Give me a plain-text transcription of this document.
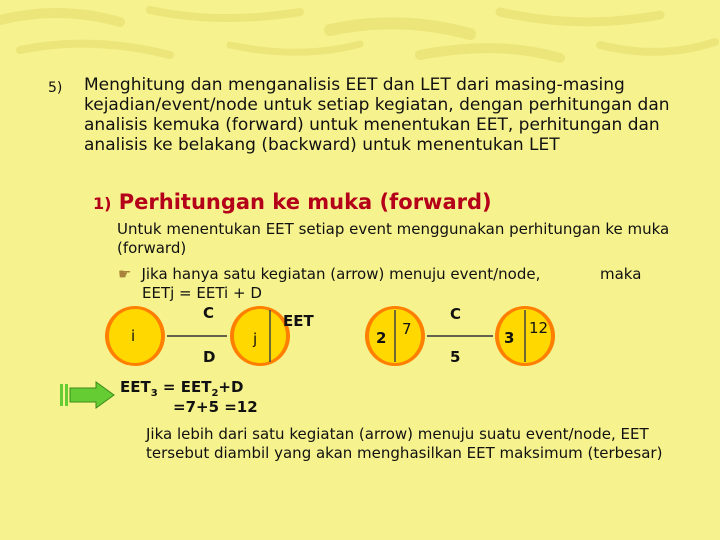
5) Menghitung dan menganalisis EET dan LET dari masing-masing kejadian/event/node untuk setiap kegiatan, dengan perhitungan dan analisis kemuka (forward) untuk menentukan EET, perhitungan dan analisis ke belakang (backward) untuk menentukan LET
1) Perhitungan ke muka (forward)
Untuk menentukan EET setiap event menggunakan perhitungan ke muka (forward)
☛ Jika hanya satu kegiatan (arrow) menuju event/node,	maka
EETj = EETi + D
i	j
C
D
EET
2 7
C
5
3
12
$EET_3 = EET_2+D$
=7+5 =12
Jika lebih dari satu kegiatan (arrow) menuju suatu event/node, EET tersebut diambil yang akan menghasilkan EET maksimum (terbesar)
